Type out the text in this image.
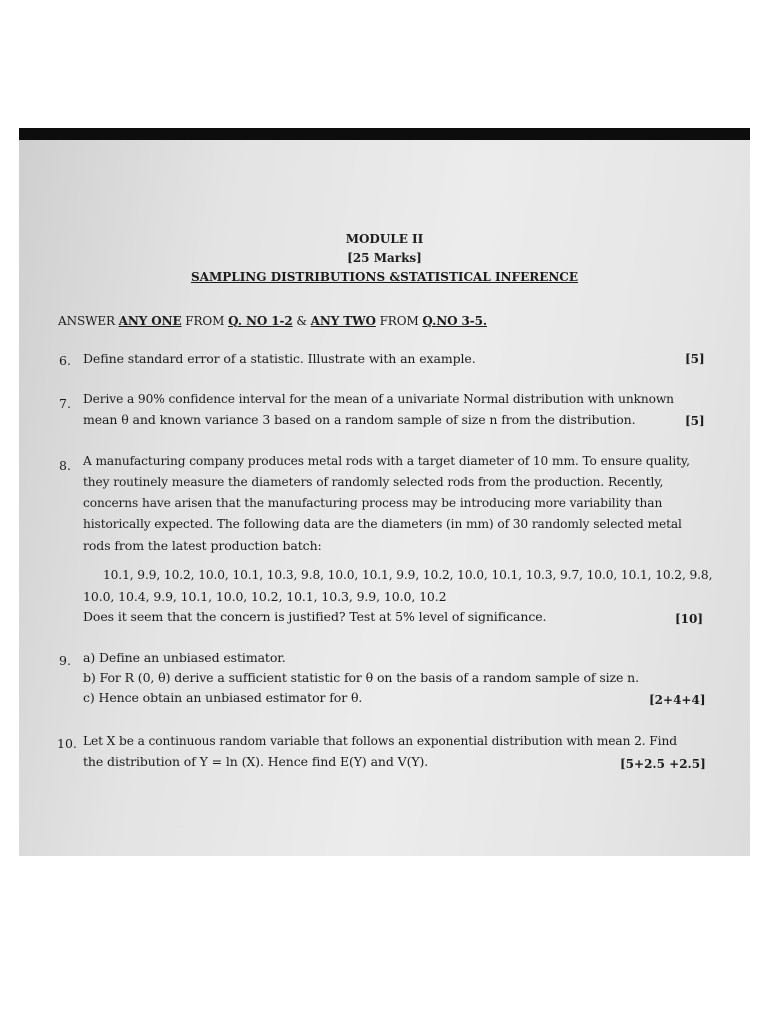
MODULE II
[25 Marks]
SAMPLING DISTRIBUTIONS &STATISTICAL INFERENCE
ANSWER ANY ONE FROM Q. NO 1-2 & ANY TWO FROM Q.NO 3-5.
6. Define standard error of a statistic. Illustrate with an example.	[5]
7. Derive a 90% confidence interval for the mean of a univariate Normal distribution with unknown
mean θ and known variance 3 based on a random sample of size n from the distribution.	[5]
8. A manufacturing company produces metal rods with a target diameter of 10 mm. To ensure quality,
they routinely measure the diameters of randomly selected rods from the production. Recently,
concerns have arisen that the manufacturing process may be introducing more variability than
historically expected. The following data are the diameters (in mm) of 30 randomly selected metal
rods from the latest production batch:
10.1, 9.9, 10.2, 10.0, 10.1, 10.3, 9.8, 10.0, 10.1, 9.9, 10.2, 10.0, 10.1, 10.3, 9.7, 10.0, 10.1, 10.2, 9.8,
10.0, 10.4, 9.9, 10.1, 10.0, 10.2, 10.1, 10.3, 9.9, 10.0, 10.2
Does it seem that the concern is justified? Test at 5% level of significance.	[10]
9. a) Define an unbiased estimator.
b) For R (0, θ) derive a sufficient statistic for θ on the basis of a random sample of size n.
c) Hence obtain an unbiased estimator for θ.	[2+4+4]
10. Let X be a continuous random variable that follows an exponential distribution with mean 2. Find
the distribution of Y = ln (X). Hence find E(Y) and V(Y).	[5+2.5 +2.5]
